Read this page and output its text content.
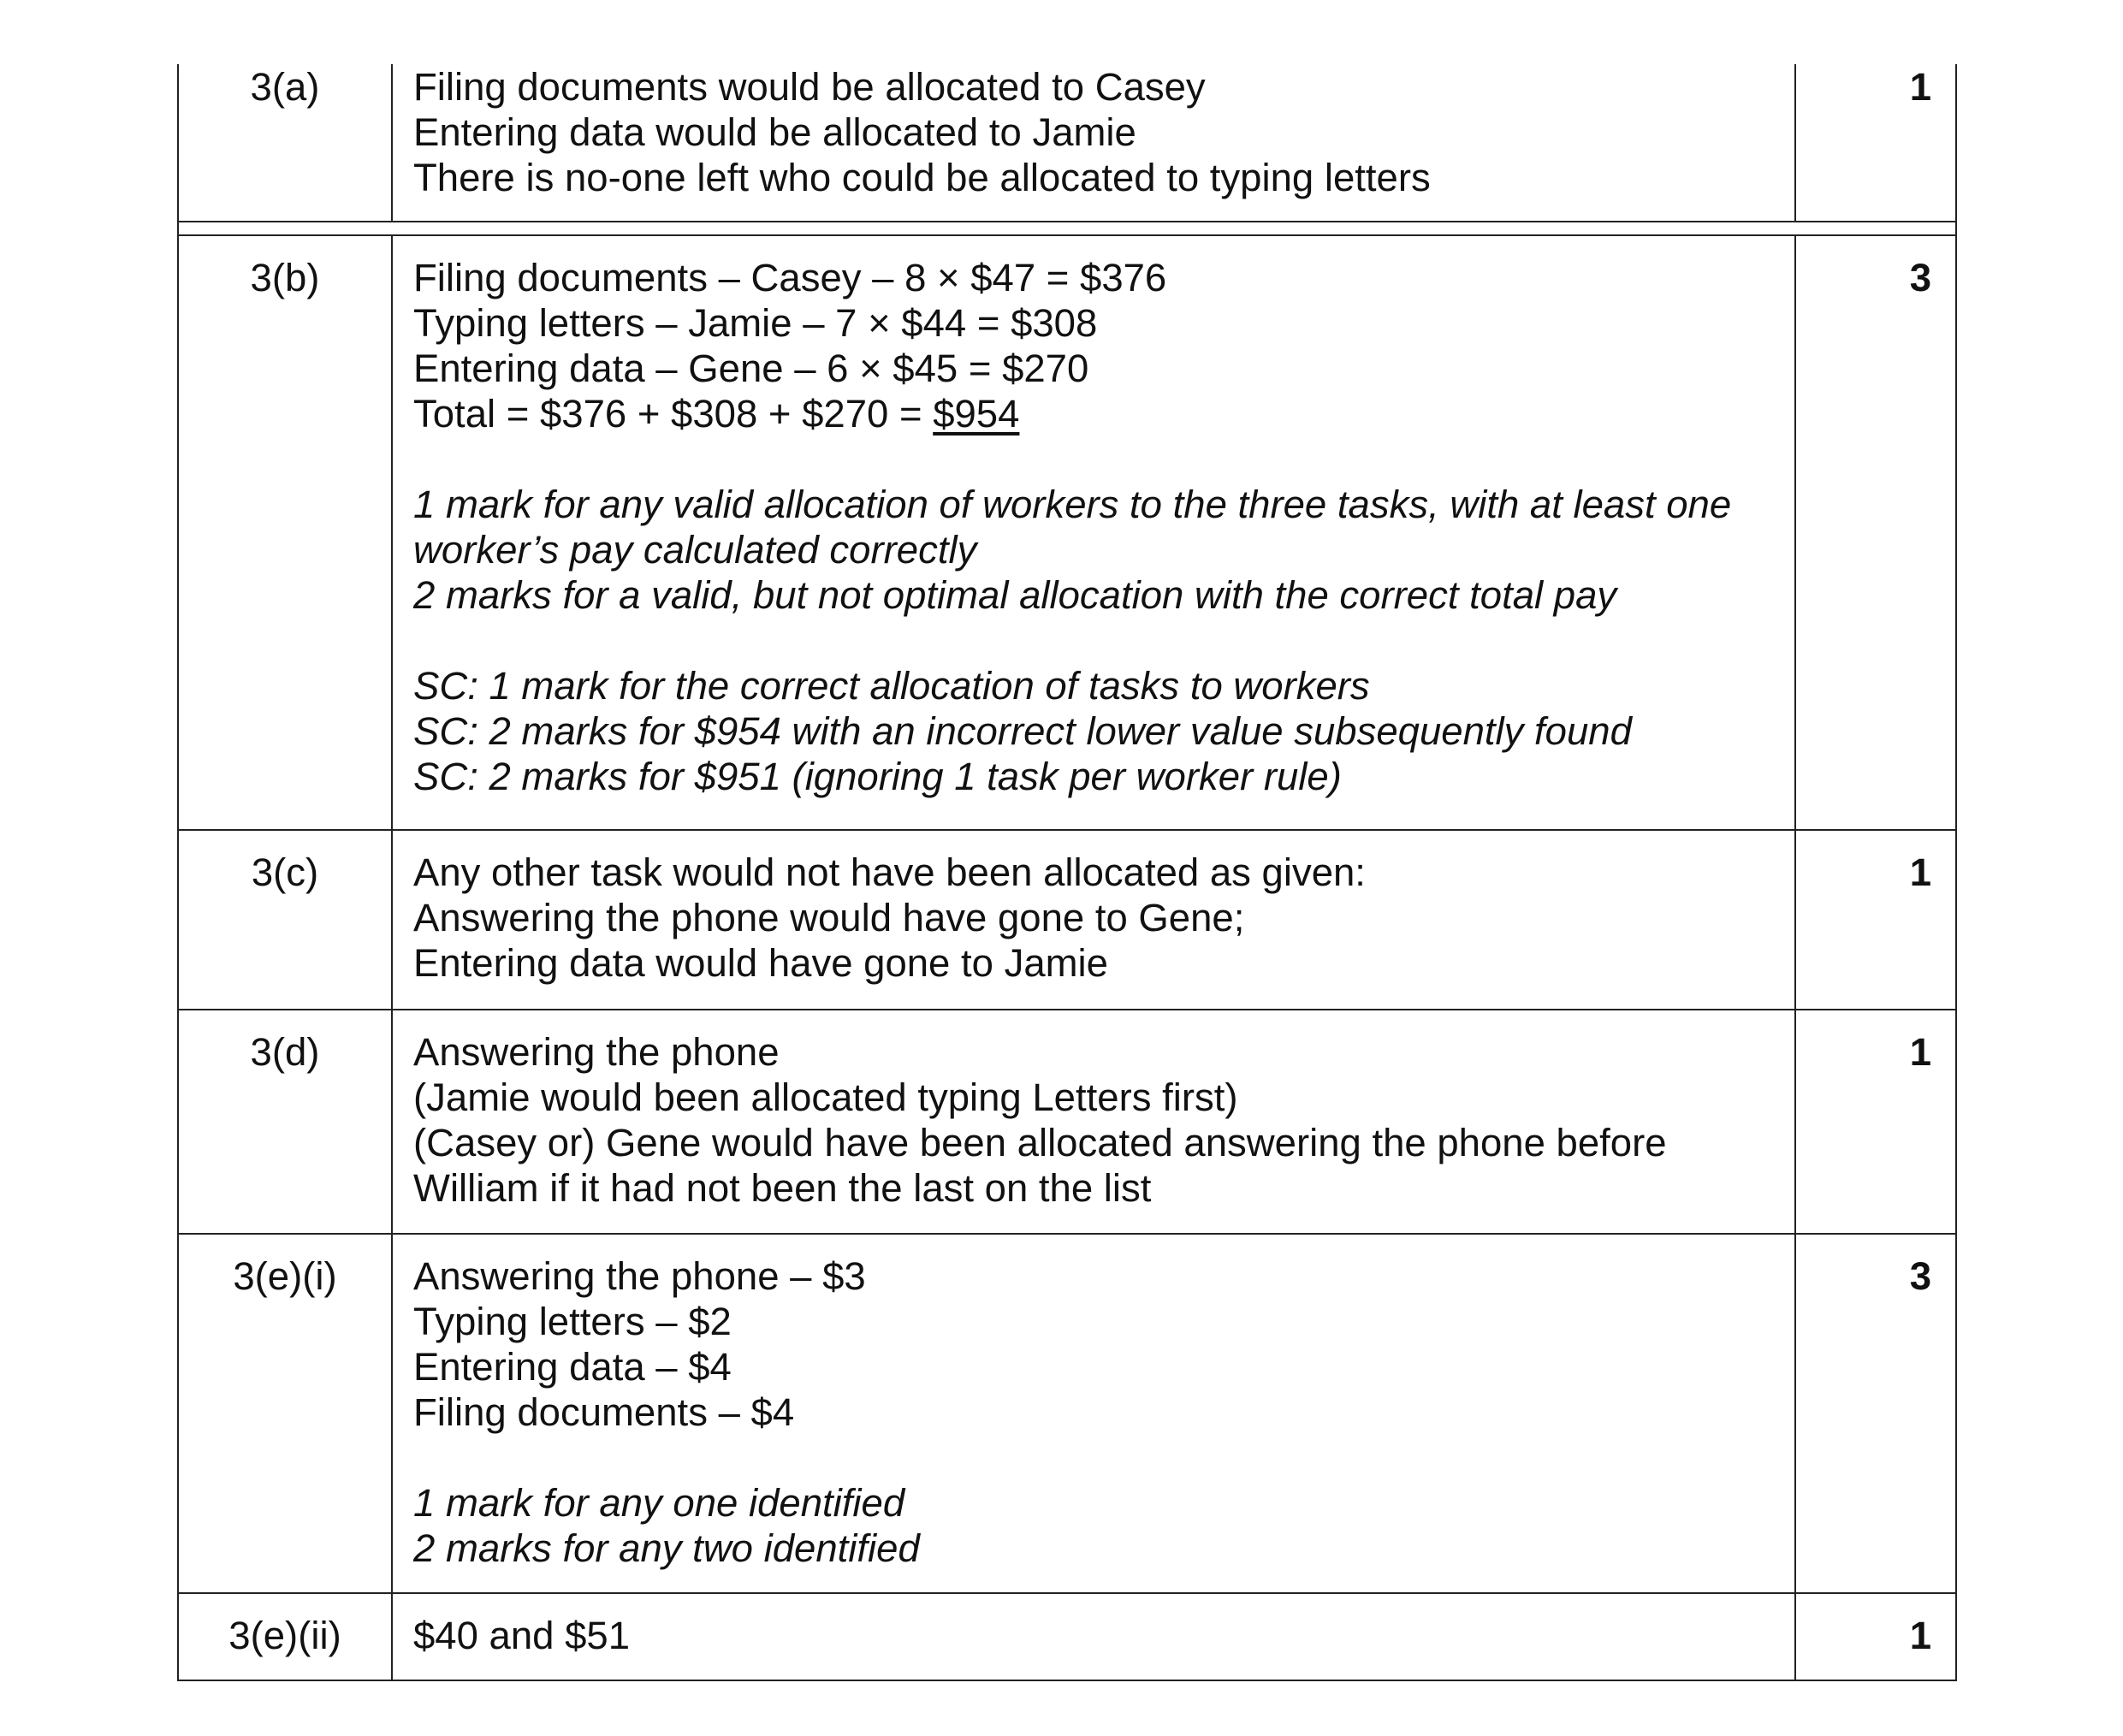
3(a)	Filing documents would be allocated to Casey
Entering data would be allocated to Jamie
There is no-one left who could be allocated to typing letters
1
3(b)	Filing documents – Casey – 8 × $47 = $376
Typing letters – Jamie – 7 × $44 = $308
Entering data – Gene – 6 × $45 = $270
Total = $376 + $308 + $270 = $954
1 mark for any valid allocation of workers to the three tasks, with at least one worker’s pay calculated correctly
2 marks for a valid, but not optimal allocation with the correct total pay
SC: 1 mark for the correct allocation of tasks to workers
SC: 2 marks for $954 with an incorrect lower value subsequently found
SC: 2 marks for $951 (ignoring 1 task per worker rule)
3
3(c)	Any other task would not have been allocated as given:
Answering the phone would have gone to Gene;
Entering data would have gone to Jamie
1
3(d)	Answering the phone
(Jamie would been allocated typing Letters first)
(Casey or) Gene would have been allocated answering the phone before
William if it had not been the last on the list
1
3(e)(i)	Answering the phone – $3
Typing letters – $2
Entering data – $4
Filing documents – $4
1 mark for any one identified
2 marks for any two identified
3
3(e)(ii)	$40 and $51	1
